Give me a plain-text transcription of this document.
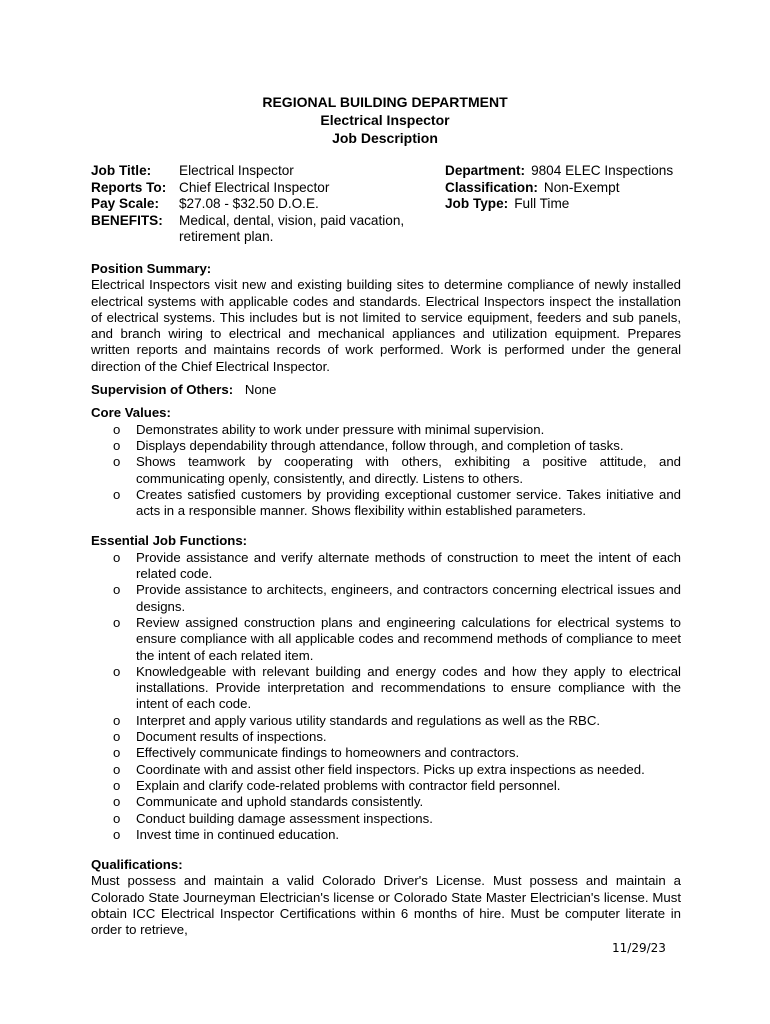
REGIONAL BUILDING DEPARTMENT
Electrical Inspector
Job Description
Job Title:	Electrical Inspector
Reports To: Chief Electrical Inspector
Pay Scale:	$27.08 - $32.50 D.O.E.
BENEFITS:	Medical, dental, vision, paid vacation, retirement plan.
Department: 9804 ELEC Inspections
Classification: Non-Exempt
Job Type: Full Time
Position Summary:

Electrical Inspectors visit new and existing building sites to determine compliance of newly installed electrical systems with applicable codes and standards. Electrical Inspectors inspect the installation of electrical systems. This includes but is not limited to service equipment, feeders and sub panels, and branch wiring to electrical and mechanical appliances and utilization equipment. Prepares written reports and maintains records of work performed. Work is performed under the general direction of the Chief Electrical Inspector.

Supervision of Others: None
Core Values:
o Demonstrates ability to work under pressure with minimal supervision.
o Displays dependability through attendance, follow through, and completion of tasks.
o Shows teamwork by cooperating with others, exhibiting a positive attitude, and communicating openly, consistently, and directly. Listens to others.
o Creates satisfied customers by providing exceptional customer service. Takes initiative and acts in a responsible manner. Shows flexibility within established parameters.
Essential Job Functions:
o Provide assistance and verify alternate methods of construction to meet the intent of each related code.
o Provide assistance to architects, engineers, and contractors concerning electrical issues and designs.
o Review assigned construction plans and engineering calculations for electrical systems to ensure compliance with all applicable codes and recommend methods of compliance to meet the intent of each related item.
o Knowledgeable with relevant building and energy codes and how they apply to electrical installations. Provide interpretation and recommendations to ensure compliance with the intent of each code.
o Interpret and apply various utility standards and regulations as well as the RBC.
o Document results of inspections.
o Effectively communicate findings to homeowners and contractors.
o Coordinate with and assist other field inspectors. Picks up extra inspections as needed.
o Explain and clarify code-related problems with contractor field personnel.
o Communicate and uphold standards consistently.
o Conduct building damage assessment inspections.
o Invest time in continued education.
Qualifications:

Must possess and maintain a valid Colorado Driver's License. Must possess and maintain a Colorado State Journeyman Electrician's license or Colorado State Master Electrician's license. Must obtain ICC Electrical Inspector Certifications within 6 months of hire. Must be computer literate in order to retrieve,

11/29/23
